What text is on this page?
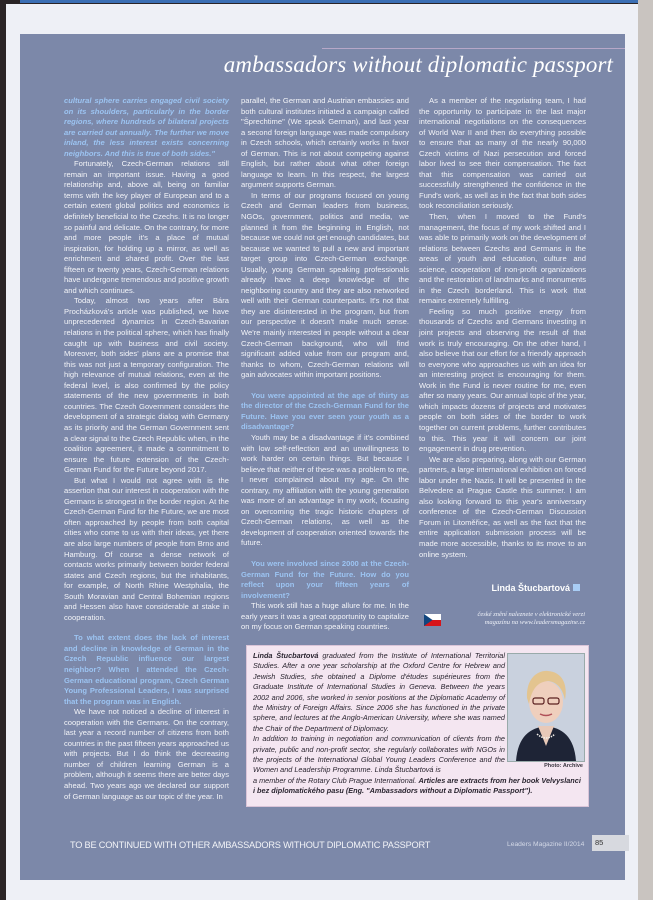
ambassadors without diplomatic passport

cultural sphere carries engaged civil society on its shoulders, particularly in the border regions, where hundreds of bilateral projects are carried out annually. The further we move inland, the less interest exists concerning neighbors. And this is true of both sides."

Fortunately, Czech-German relations still remain an important issue. Having a good relationship and, above all, being on familiar terms with the key player of European and to a certain extent global politics and economics is definitely beneficial to the Czechs. It is no longer so painful and delicate. On the contrary, for more and more people it's a place of mutual inspiration, for holding up a mirror, as well as enrichment and shared profit. Over the last fifteen or twenty years, Czech-German relations have undergone tremendous and positive growth and which continues.

Today, almost two years after Bára Procházková's article was published, we have unprecedented dynamics in Czech-Bavarian relations in the political sphere, which has finally caught up with business and civil society. Moreover, both sides' plans are a promise that this was not just a temporary configuration. The high relevance of mutual relations, even at the federal level, is also confirmed by the policy statements of the new governments in both countries. The Czech Government considers the development of a strategic dialog with Germany as its priority and the German Government sent a clear signal to the Czech Republic when, in the coalition agreement, it made a commitment to ensure the future extension of the Czech-German Fund for the Future beyond 2017.

But what I would not agree with is the assertion that our interest in cooperation with the Germans is strongest in the border region. At the Czech-German Fund for the Future, we are most often approached by people from both capital cities who come to us with their ideas, yet there are also large numbers of people from Brno and Hamburg. Of course a dense network of contacts works primarily between border federal states and Czech regions, but the inhabitants, for example, of North Rhine Westphalia, the South Moravian and Central Bohemian regions and Hessen also have considerable at stake in cooperation.

To what extent does the lack of interest and decline in knowledge of German in the Czech Republic influence our largest neighbor? When I attended the Czech-German educational program, Czech German Young Professional Leaders, I was surprised that the program was in English.

We have not noticed a decline of interest in cooperation with the Germans. On the contrary, last year a record number of citizens from both countries in the past fifteen years approached us with projects. But I do think the decreasing number of children learning German is a problem, although it seems there are better days ahead. Two years ago we declared our support of German language as our topic of the year. In

parallel, the German and Austrian embassies and both cultural institutes initiated a campaign called "Šprechtime" (We speak German), and last year a second foreign language was made compulsory in Czech schools, which certainly works in favor of German. This is not about competing against English, but rather about what other foreign language to learn. In this respect, the largest argument supports German.

In terms of our programs focused on young Czech and German leaders from business, NGOs, government, politics and media, we planned it from the beginning in English, not because we could not get enough candidates, but because we wanted to pull a new and important target group into Czech-German exchange. Usually, young German speaking professionals already have a deep knowledge of the neighboring country and they are also networked well with their German counterparts. It's not that they are disinterested in the program, but from our perspective it doesn't make much sense. We're mainly interested in people without a clear Czech-German background, who will find significant added value from our program and, thanks to whom, Czech-German relations will gain advocates within important positions.

You were appointed at the age of thirty as the director of the Czech-German Fund for the Future. Have you ever seen your youth as a disadvantage?

Youth may be a disadvantage if it's combined with low self-reflection and an unwillingness to work harder on certain things. But because I believe that neither of these was a problem to me, I never complained about my age. On the contrary, my affiliation with the young generation was more of an advantage in my work, focusing on overcoming the tragic historic chapters of Czech-German relations, as well as the development of cooperation oriented towards the future.

You were involved since 2000 at the Czech-German Fund for the Future. How do you reflect upon your fifteen years of involvement?

This work still has a huge allure for me. In the early years it was a great opportunity to capitalize on my focus on German speaking countries.

As a member of the negotiating team, I had the opportunity to participate in the last major international negotiations on the consequences of World War II and then do everything possible to ensure that as many of the nearly 90,000 Czech victims of Nazi persecution and forced labor lived to see their compensation. The fact that this compensation was carried out successfully strengthened the confidence in the Fund's work, as well as in the fact that both sides took reconciliation seriously.

Then, when I moved to the Fund's management, the focus of my work shifted and I was able to primarily work on the development of relations between Czechs and Germans in the areas of youth and education, culture and science, cooperation of non-profit organizations and the restoration of landmarks and monuments in the Czech borderland. This is work that remains extremely fulfilling.

Feeling so much positive energy from thousands of Czechs and Germans investing in joint projects and observing the result of that work is truly encouraging. On the other hand, I also believe that our effort for a friendly approach to everyone who approaches us with an idea for an interesting project is encouraging for them. Work in the Fund is never routine for me, even after so many years. Our annual topic of the year, which impacts dozens of projects and motivates people on both sides of the border to work together on current problems, further contributes to this. This year it will concern our joint engagement in drug prevention.

We are also preparing, along with our German partners, a large international exhibition on forced labor under the Nazis. It will be presented in the Belvedere at Prague Castle this summer. I am also looking forward to this year's anniversary conference of the Czech-German Discussion Forum in Litoměřice, as well as the fact that the entire application submission process will be made more accessible, thanks to its move to an online system.

Linda Štucbartová
české znění naleznete v elektronické verzi
magazínu na www.leadersmagazine.cz
Linda Štucbartová graduated from the Institute of International Territorial Studies. After a one year scholarship at the Oxford Centre for Hebrew and Jewish Studies, she obtained a Diplome d'études supérieures from the Graduate Institute of International Studies in Geneva. Between the years 2002 and 2006, she worked in senior positions at the Diplomatic Academy of the Ministry of Foreign Affairs. Since 2006 she has functioned in the private sphere, and lectures at the Anglo-American University, where she was named the Chair of the Department of Diplomacy.
In addition to training in negotiation and communication of clients from the private, public and non-profit sector, she regularly collaborates with NGOs in the projects of the International Global Young Leaders Conference and the Women and Leadership Programme. Linda Štucbartová is
a member of the Rotary Club Prague International. Articles are extracts from her book Velvyslanci i bez diplomatického pasu (Eng. "Ambassadors without a Diplomatic Passport").
Photo: Archive
TO BE CONTINUED WITH OTHER AMBASSADORS WITHOUT DIPLOMATIC PASSPORT	Leaders Magazine II/2014	85
